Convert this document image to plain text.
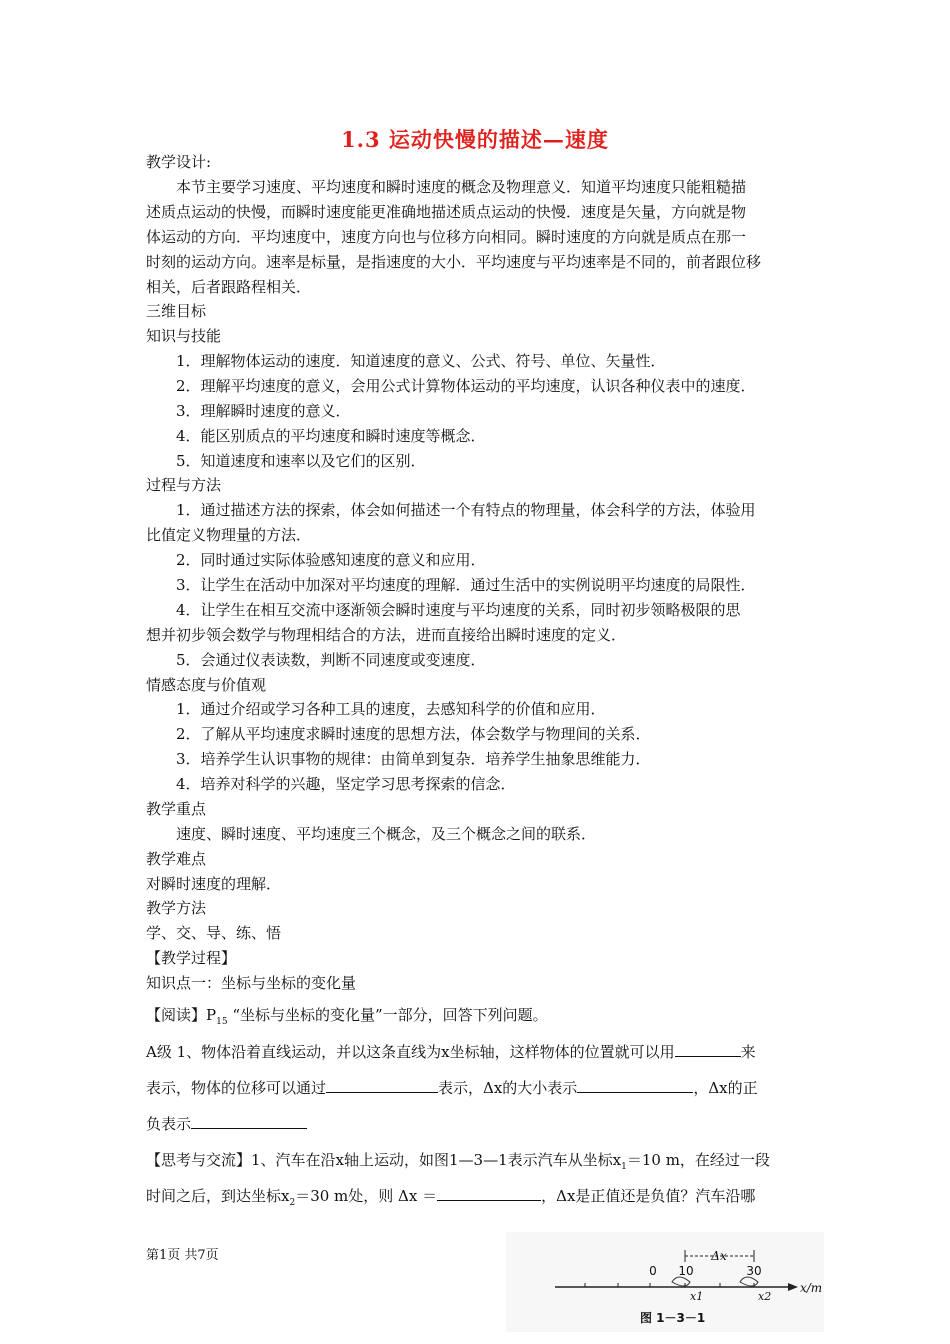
1.3 运动快慢的描述—速度
教学设计:
本节主要学习速度、平均速度和瞬时速度的概念及物理意义．知道平均速度只能粗糙描
述质点运动的快慢，而瞬时速度能更准确地描述质点运动的快慢．速度是矢量，方向就是物
体运动的方向．平均速度中，速度方向也与位移方向相同。瞬时速度的方向就是质点在那一
时刻的运动方向。速率是标量，是指速度的大小．平均速度与平均速率是不同的，前者跟位移
相关，后者跟路程相关．
三维目标
知识与技能
1．理解物体运动的速度．知道速度的意义、公式、符号、单位、矢量性．
2．理解平均速度的意义，会用公式计算物体运动的平均速度，认识各种仪表中的速度．
3．理解瞬时速度的意义．
4．能区别质点的平均速度和瞬时速度等概念．
5．知道速度和速率以及它们的区别．
过程与方法
1．通过描述方法的探索，体会如何描述一个有特点的物理量，体会科学的方法，体验用
比值定义物理量的方法．
2．同时通过实际体验感知速度的意义和应用．
3．让学生在活动中加深对平均速度的理解．通过生活中的实例说明平均速度的局限性．
4．让学生在相互交流中逐渐领会瞬时速度与平均速度的关系，同时初步领略极限的思
想并初步领会数学与物理相结合的方法，进而直接给出瞬时速度的定义．
5．会通过仪表读数，判断不同速度或变速度．
情感态度与价值观
1．通过介绍或学习各种工具的速度，去感知科学的价值和应用．
2．了解从平均速度求瞬时速度的思想方法，体会数学与物理间的关系．
3．培养学生认识事物的规律：由简单到复杂．培养学生抽象思维能力．
4．培养对科学的兴趣，坚定学习思考探索的信念．
教学重点
速度、瞬时速度、平均速度三个概念，及三个概念之间的联系．
教学难点
对瞬时速度的理解．
教学方法
学、交、导、练、悟
【教学过程】
知识点一：坐标与坐标的变化量
【阅读】$P_{15}$ “坐标与坐标的变化量”一部分，回答下列问题。
A级 1、物体沿着直线运动，并以这条直线为x坐标轴，这样物体的位置就可以用	来
表示，物体的位移可以通过	表示，Δx的大小表示	，Δx的正
负表示
【思考与交流】1、汽车在沿x轴上运动，如图1—3—1表示汽车从坐标$x_1=10$ m，在经过一段
时间之后，到达坐标$x_2=30$ m处，则 Δx ＝	，Δx是正值还是负值？汽车沿哪
第1页 共7页	Δx
0 10	30
x1	x2
x/m
图 1－3－1
